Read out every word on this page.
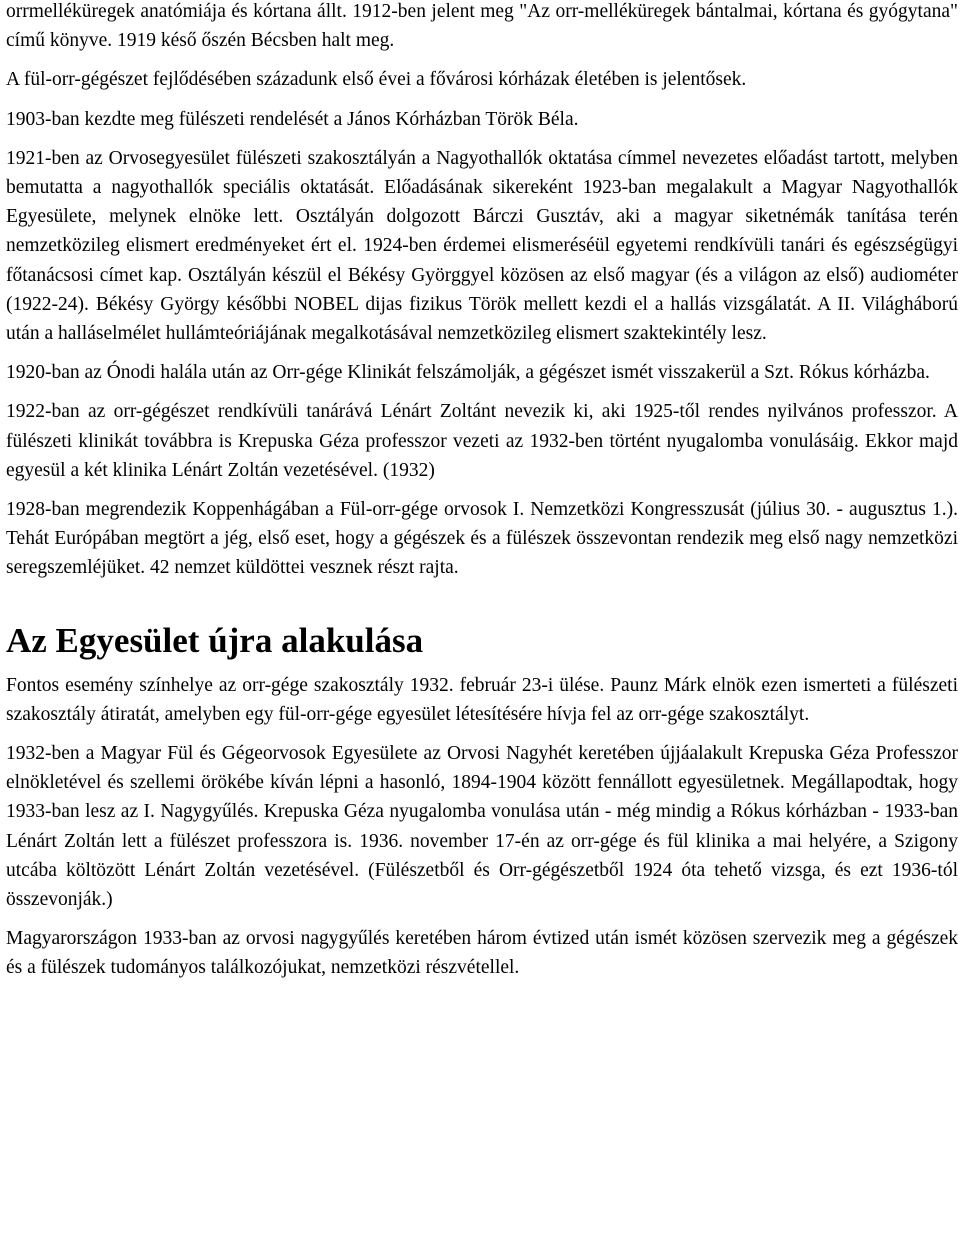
orrmelléküregek anatómiája és kórtana állt. 1912-ben jelent meg "Az orr-melléküregek bántalmai, kórtana és gyógytana" című könyve. 1919 késő őszén Bécsben halt meg.

A fül-orr-gégészet fejlődésében századunk első évei a fővárosi kórházak életében is jelentősek.

1903-ban kezdte meg fülészeti rendelését a János Kórházban Török Béla.

1921-ben az Orvosegyesület fülészeti szakosztályán a Nagyothallók oktatása címmel nevezetes előadást tartott, melyben bemutatta a nagyothallók speciális oktatását. Előadásának sikereként 1923-ban megalakult a Magyar Nagyothallók Egyesülete, melynek elnöke lett. Osztályán dolgozott Bárczi Gusztáv, aki a magyar siketnémák tanítása terén nemzetközileg elismert eredményeket ért el. 1924-ben érdemei elismeréséül egyetemi rendkívüli tanári és egészségügyi főtanácsosi címet kap. Osztályán készül el Békésy Györggyel közösen az első magyar (és a világon az első) audiométer (1922-24). Békésy György későbbi NOBEL dijas fizikus Török mellett kezdi el a hallás vizsgálatát. A II. Világháború után a halláselmélet hullámteóriájának megalkotásával nemzetközileg elismert szaktekintély lesz.

1920-ban az Ónodi halála után az Orr-gége Klinikát felszámolják, a gégészet ismét visszakerül a Szt. Rókus kórházba.

1922-ban az orr-gégészet rendkívüli tanárává Lénárt Zoltánt nevezik ki, aki 1925-től rendes nyilvános professzor. A fülészeti klinikát továbbra is Krepuska Géza professzor vezeti az 1932-ben történt nyugalomba vonulásáig. Ekkor majd egyesül a két klinika Lénárt Zoltán vezetésével. (1932)

1928-ban megrendezik Koppenhágában a Fül-orr-gége orvosok I. Nemzetközi Kongresszusát (július 30. - augusztus 1.). Tehát Európában megtört a jég, első eset, hogy a gégészek és a fülészek összevontan rendezik meg első nagy nemzetközi seregszemléjüket. 42 nemzet küldöttei vesznek részt rajta.

Az Egyesület újra alakulása

Fontos esemény színhelye az orr-gége szakosztály 1932. február 23-i ülése. Paunz Márk elnök ezen ismerteti a fülészeti szakosztály átiratát, amelyben egy fül-orr-gége egyesület létesítésére hívja fel az orr-gége szakosztályt.

1932-ben a Magyar Fül és Gégeorvosok Egyesülete az Orvosi Nagyhét keretében újjáalakult Krepuska Géza Professzor elnökletével és szellemi örökébe kíván lépni a hasonló, 1894-1904 között fennállott egyesületnek. Megállapodtak, hogy 1933-ban lesz az I. Nagygyűlés. Krepuska Géza nyugalomba vonulása után - még mindig a Rókus kórházban - 1933-ban Lénárt Zoltán lett a fülészet professzora is. 1936. november 17-én az orr-gége és fül klinika a mai helyére, a Szigony utcába költözött Lénárt Zoltán vezetésével. (Fülészetből és Orr-gégészetből 1924 óta tehető vizsga, és ezt 1936-tól összevonják.)

Magyarországon 1933-ban az orvosi nagygyűlés keretében három évtized után ismét közösen szervezik meg a gégészek és a fülészek tudományos találkozójukat, nemzetközi részvétellel.
